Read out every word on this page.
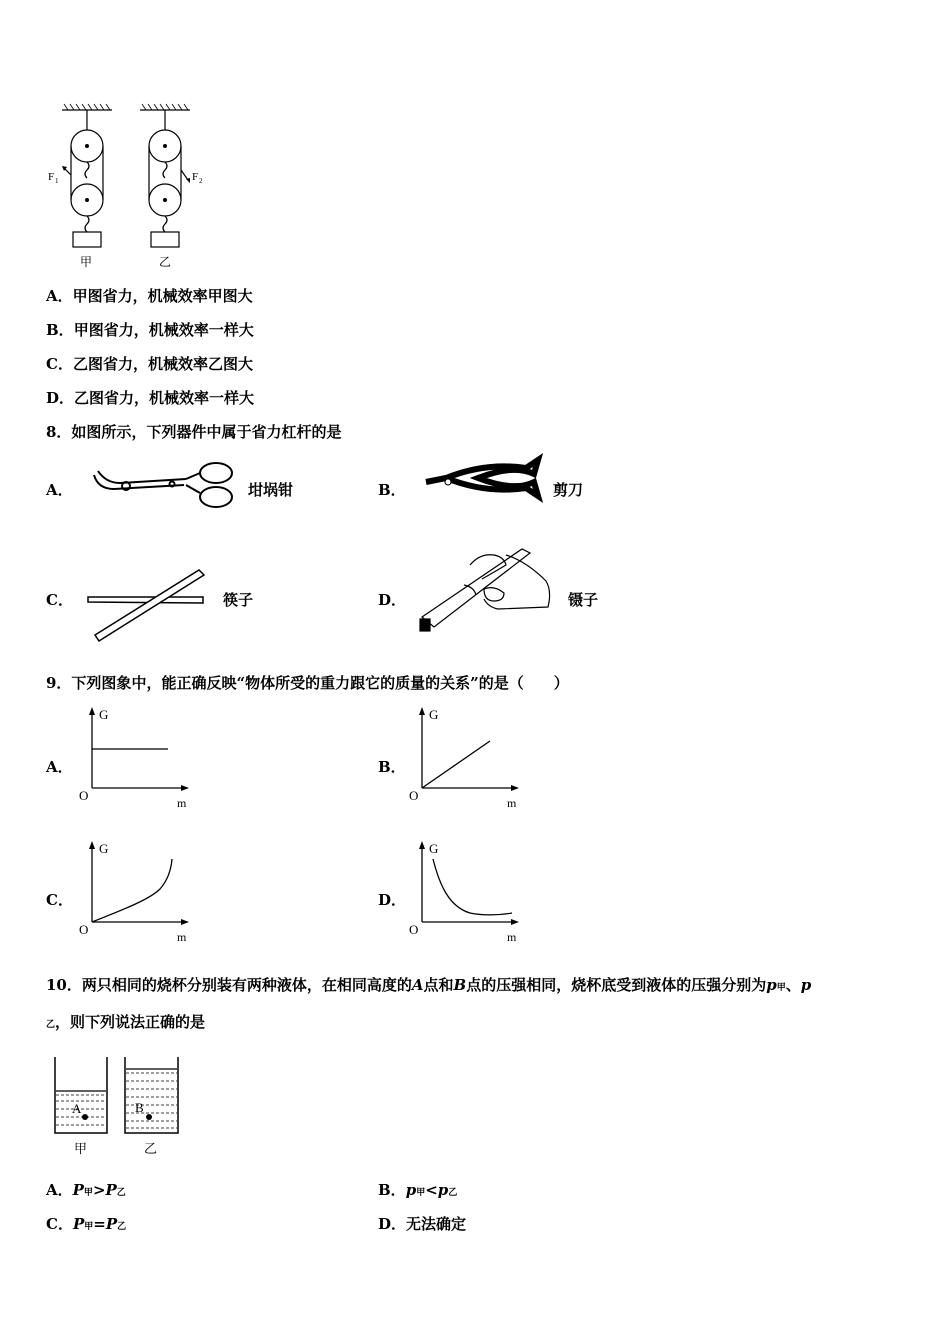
F 1	F 2
甲	乙
A．甲图省力，机械效率甲图大
B．甲图省力，机械效率一样大
C．乙图省力，机械效率乙图大
D．乙图省力，机械效率一样大
8．如图所示，下列器件中属于省力杠杆的是
A．	坩埚钳	B．	剪刀
C．	筷子	D．	镊子
9．下列图象中，能正确反映“物体所受的重力跟它的质量的关系”的是（　　）
A．
G
O	m
B．
G
O	m
C．
G
O	m
D．
G
O	m
10．两只相同的烧杯分别装有两种液体，在相同高度的A点和B点的压强相同，烧杯底受到液体的压强分别为p甲、p
乙，则下列说法正确的是
A	B
甲	乙
A．P甲>P乙	B．p甲<p乙
C．P甲=P乙	D．无法确定
